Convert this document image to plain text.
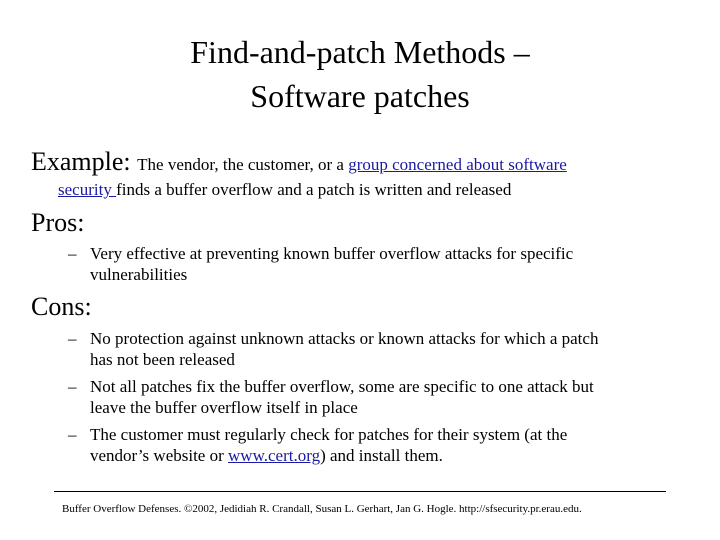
Find-and-patch Methods –
Software patches
Example: The vendor, the customer, or a group concerned about software
security finds a buffer overflow and a patch is written and released
Pros:
– Very effective at preventing known buffer overflow attacks for specific
vulnerabilities
Cons:
– No protection against unknown attacks or known attacks for which a patch
has not been released
– Not all patches fix the buffer overflow, some are specific to one attack but
leave the buffer overflow itself in place
– The customer must regularly check for patches for their system (at the
vendor’s website or www.cert.org) and install them.
Buffer Overflow Defenses. ©2002, Jedidiah R. Crandall, Susan L. Gerhart, Jan G. Hogle. http://sfsecurity.pr.erau.edu.
